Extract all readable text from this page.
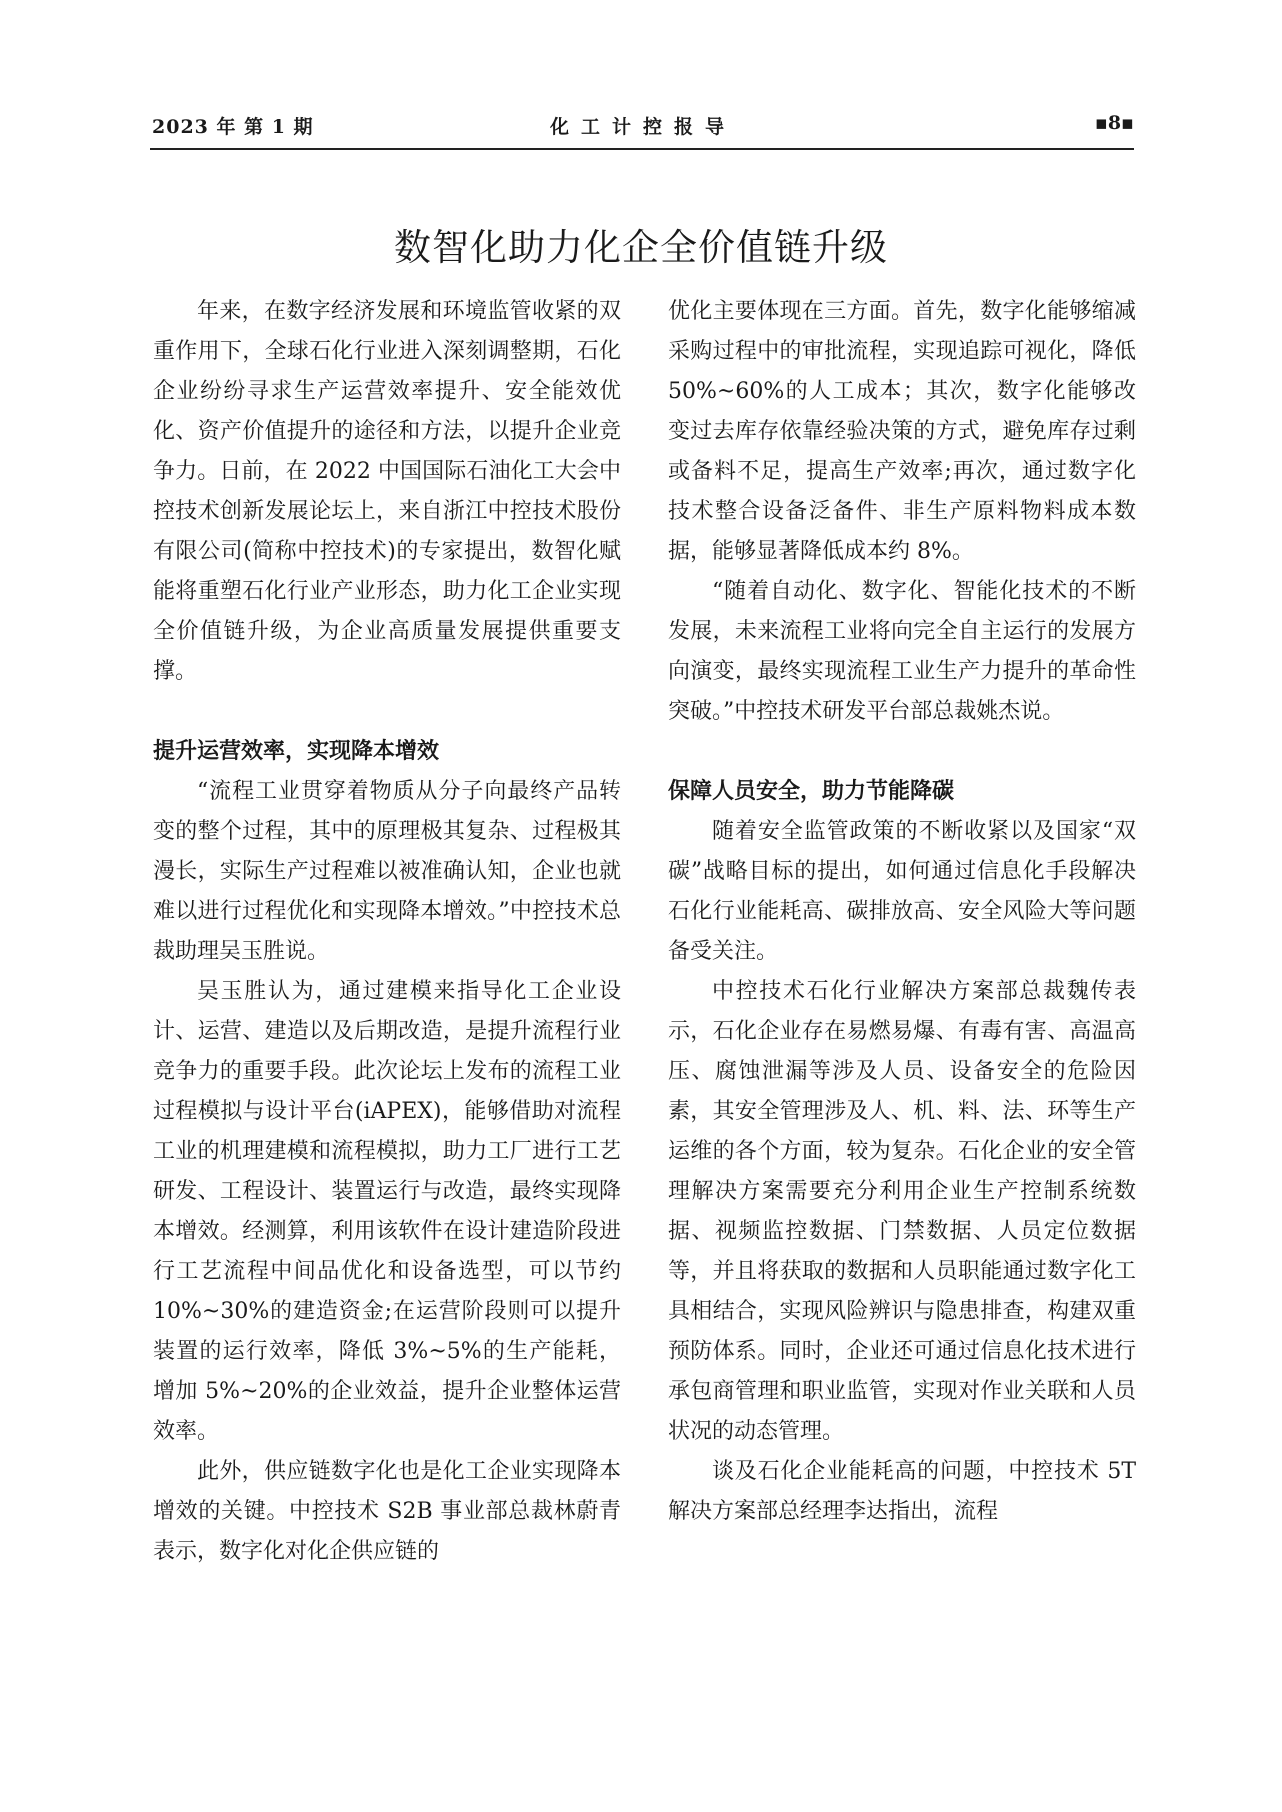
2023 年 第 1 期	化工计控报导	▪8▪
数智化助力化企全价值链升级

年来，在数字经济发展和环境监管收紧的双重作用下，全球石化行业进入深刻调整期，石化企业纷纷寻求生产运营效率提升、安全能效优化、资产价值提升的途径和方法，以提升企业竞争力。日前，在 2022 中国国际石油化工大会中控技术创新发展论坛上，来自浙江中控技术股份有限公司(简称中控技术)的专家提出，数智化赋能将重塑石化行业产业形态，助力化工企业实现全价值链升级，为企业高质量发展提供重要支撑。

提升运营效率，实现降本增效

“流程工业贯穿着物质从分子向最终产品转变的整个过程，其中的原理极其复杂、过程极其漫长，实际生产过程难以被准确认知，企业也就难以进行过程优化和实现降本增效。”中控技术总裁助理吴玉胜说。

吴玉胜认为，通过建模来指导化工企业设计、运营、建造以及后期改造，是提升流程行业竞争力的重要手段。此次论坛上发布的流程工业过程模拟与设计平台(iAPEX)，能够借助对流程工业的机理建模和流程模拟，助力工厂进行工艺研发、工程设计、装置运行与改造，最终实现降本增效。经测算，利用该软件在设计建造阶段进行工艺流程中间品优化和设备选型，可以节约 10%~30%的建造资金;在运营阶段则可以提升装置的运行效率，降低 3%~5%的生产能耗，增加 5%~20%的企业效益，提升企业整体运营效率。

此外，供应链数字化也是化工企业实现降本增效的关键。中控技术 S2B 事业部总裁林蔚青表示，数字化对化企供应链的

优化主要体现在三方面。首先，数字化能够缩减采购过程中的审批流程，实现追踪可视化，降低 50%~60%的人工成本；其次，数字化能够改变过去库存依靠经验决策的方式，避免库存过剩或备料不足，提高生产效率;再次，通过数字化技术整合设备泛备件、非生产原料物料成本数据，能够显著降低成本约 8%。

“随着自动化、数字化、智能化技术的不断发展，未来流程工业将向完全自主运行的发展方向演变，最终实现流程工业生产力提升的革命性突破。”中控技术研发平台部总裁姚杰说。

保障人员安全，助力节能降碳

随着安全监管政策的不断收紧以及国家“双碳”战略目标的提出，如何通过信息化手段解决石化行业能耗高、碳排放高、安全风险大等问题备受关注。

中控技术石化行业解决方案部总裁魏传表示，石化企业存在易燃易爆、有毒有害、高温高压、腐蚀泄漏等涉及人员、设备安全的危险因素，其安全管理涉及人、机、料、法、环等生产运维的各个方面，较为复杂。石化企业的安全管理解决方案需要充分利用企业生产控制系统数据、视频监控数据、门禁数据、人员定位数据等，并且将获取的数据和人员职能通过数字化工具相结合，实现风险辨识与隐患排查，构建双重预防体系。同时，企业还可通过信息化技术进行承包商管理和职业监管，实现对作业关联和人员状况的动态管理。

谈及石化企业能耗高的问题，中控技术 5T 解决方案部总经理李达指出，流程
